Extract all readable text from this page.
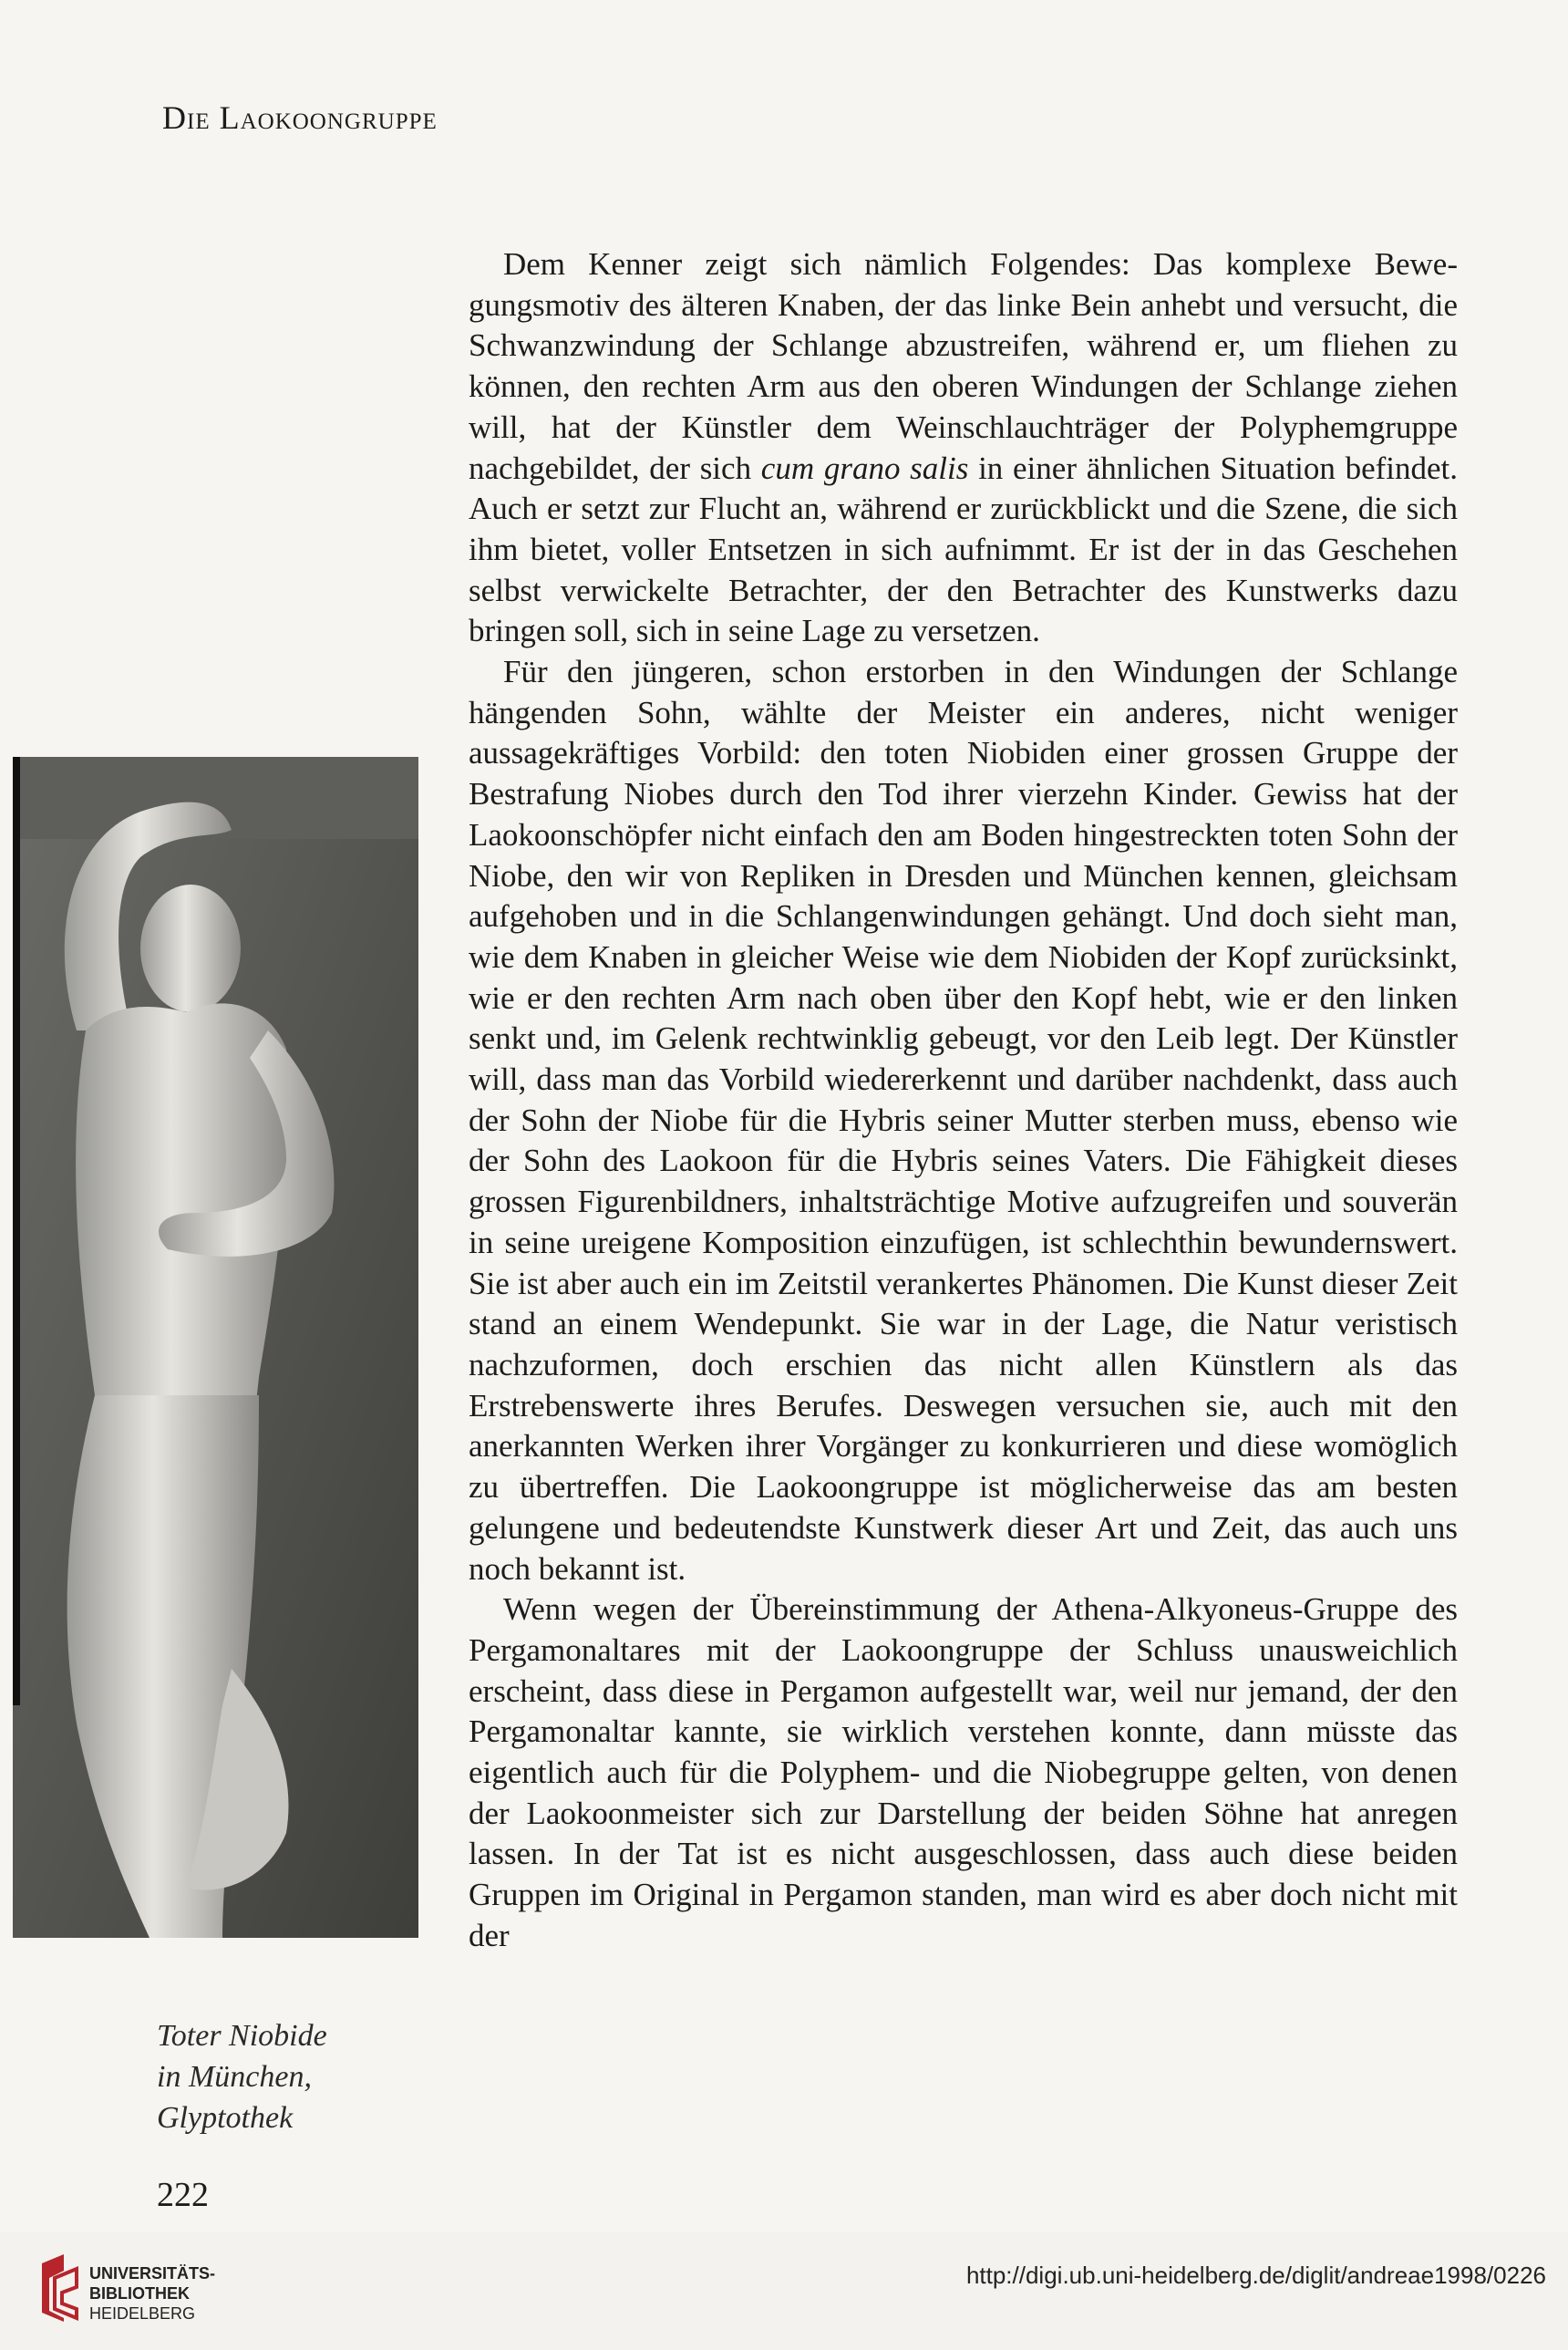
Die Laokoongruppe

Dem Kenner zeigt sich nämlich Folgendes: Das komplexe Bewegungsmotiv des älteren Knaben, der das linke Bein anhebt und versucht, die Schwanzwindung der Schlange abzustreifen, während er, um fliehen zu können, den rechten Arm aus den oberen Windungen der Schlange ziehen will, hat der Künstler dem Weinschlauchträger der Polyphemgruppe nachgebildet, der sich cum grano salis in einer ähnlichen Situation befindet. Auch er setzt zur Flucht an, während er zurückblickt und die Szene, die sich ihm bietet, voller Entsetzen in sich aufnimmt. Er ist der in das Geschehen selbst verwickelte Betrachter, der den Betrachter des Kunstwerks dazu bringen soll, sich in seine Lage zu versetzen.

Für den jüngeren, schon erstorben in den Windungen der Schlange hängenden Sohn, wählte der Meister ein anderes, nicht weniger aussagekräftiges Vorbild: den toten Niobiden einer grossen Gruppe der Bestrafung Niobes durch den Tod ihrer vierzehn Kinder. Gewiss hat der Laokoonschöpfer nicht einfach den am Boden hingestreckten toten Sohn der Niobe, den wir von Repliken in Dresden und München kennen, gleichsam aufgehoben und in die Schlangenwindungen gehängt. Und doch sieht man, wie dem Knaben in gleicher Weise wie dem Niobiden der Kopf zurücksinkt, wie er den rechten Arm nach oben über den Kopf hebt, wie er den linken senkt und, im Gelenk rechtwinklig gebeugt, vor den Leib legt. Der Künstler will, dass man das Vorbild wiedererkennt und darüber nachdenkt, dass auch der Sohn der Niobe für die Hybris seiner Mutter sterben muss, ebenso wie der Sohn des Laokoon für die Hybris seines Vaters. Die Fähigkeit dieses grossen Figurenbildners, inhaltsträchtige Motive aufzugreifen und souverän in seine ureigene Komposition einzufügen, ist schlechthin bewundernswert. Sie ist aber auch ein im Zeitstil verankertes Phänomen. Die Kunst dieser Zeit stand an einem Wendepunkt. Sie war in der Lage, die Natur veristisch nachzuformen, doch erschien das nicht allen Künstlern als das Erstrebenswerte ihres Berufes. Deswegen versuchen sie, auch mit den anerkannten Werken ihrer Vorgänger zu konkurrieren und diese womöglich zu übertreffen. Die Laokoongruppe ist möglicherweise das am besten gelungene und bedeutendste Kunstwerk dieser Art und Zeit, das auch uns noch bekannt ist.

Wenn wegen der Übereinstimmung der Athena-Alkyoneus-Gruppe des Pergamonaltares mit der Laokoongruppe der Schluss unausweichlich erscheint, dass diese in Pergamon aufgestellt war, weil nur jemand, der den Pergamonaltar kannte, sie wirklich verstehen konnte, dann müsste das eigentlich auch für die Polyphem- und die Niobegruppe gelten, von denen der Laokoonmeister sich zur Darstellung der beiden Söhne hat anregen lassen. In der Tat ist es nicht ausgeschlossen, dass auch diese beiden Gruppen im Original in Pergamon standen, man wird es aber doch nicht mit der

Toter Niobide
in München,
Glyptothek
222
UNIVERSITÄTS-
BIBLIOTHEK
HEIDELBERG
http://digi.ub.uni-heidelberg.de/diglit/andreae1998/0226
